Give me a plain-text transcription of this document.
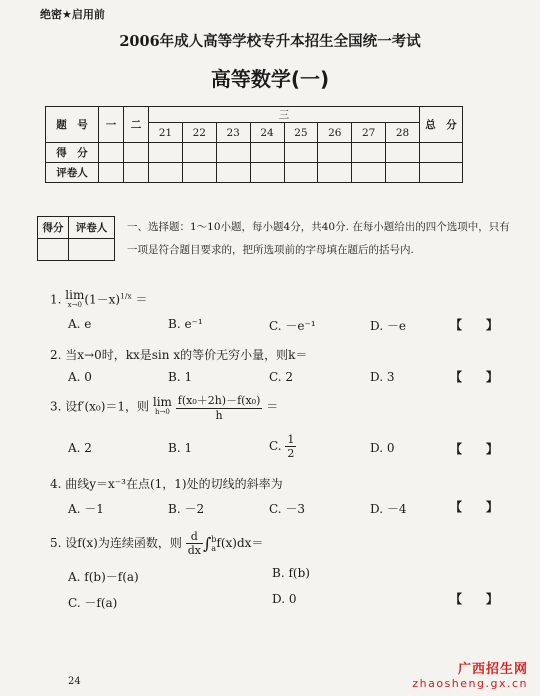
绝密★启用前
2006年成人高等学校专升本招生全国统一考试
高等数学(一)
题　号	一	二	三								总　分
			21	22	23	24	25	26	27	28	
得　分											
评卷人											
得分	评卷人
	一、选择题：1～10小题，每小题4分，共40分. 在每小题给出的四个选项中，只有一项是符合题目要求的，把所选项前的字母填在题后的括号内.
1. lim
x→0 $(1-x)^{1/x}$ ＝
A. e	B. e⁻¹	C. －e⁻¹	D. －e	【　　】
2. 当x→0时，kx是sin x的等价无穷小量，则k＝
A. 0	B. 1	C. 2	D. 3	【　　】
3. 设f′(x₀)＝1，则 lim
h→0
$\frac{\text{f(x₀＋2h)－f(x₀)}}{h}$ ＝
A. 2	B. 1	C. $\frac{1}{2}$	D. 0	【　　】
4. 曲线y＝x⁻³在点(1，1)处的切线的斜率为
A. －1	B. －2	C. －3	D. －4	【　　】
5. 设f(x)为连续函数，则 $\frac{d}{dx}$ ∫ b
a f(x)dx＝
A. f(b)－f(a)	B. f(b)
C. －f(a)	D. 0	【　　】
24
广西招生网
zhaosheng.gx.cn
